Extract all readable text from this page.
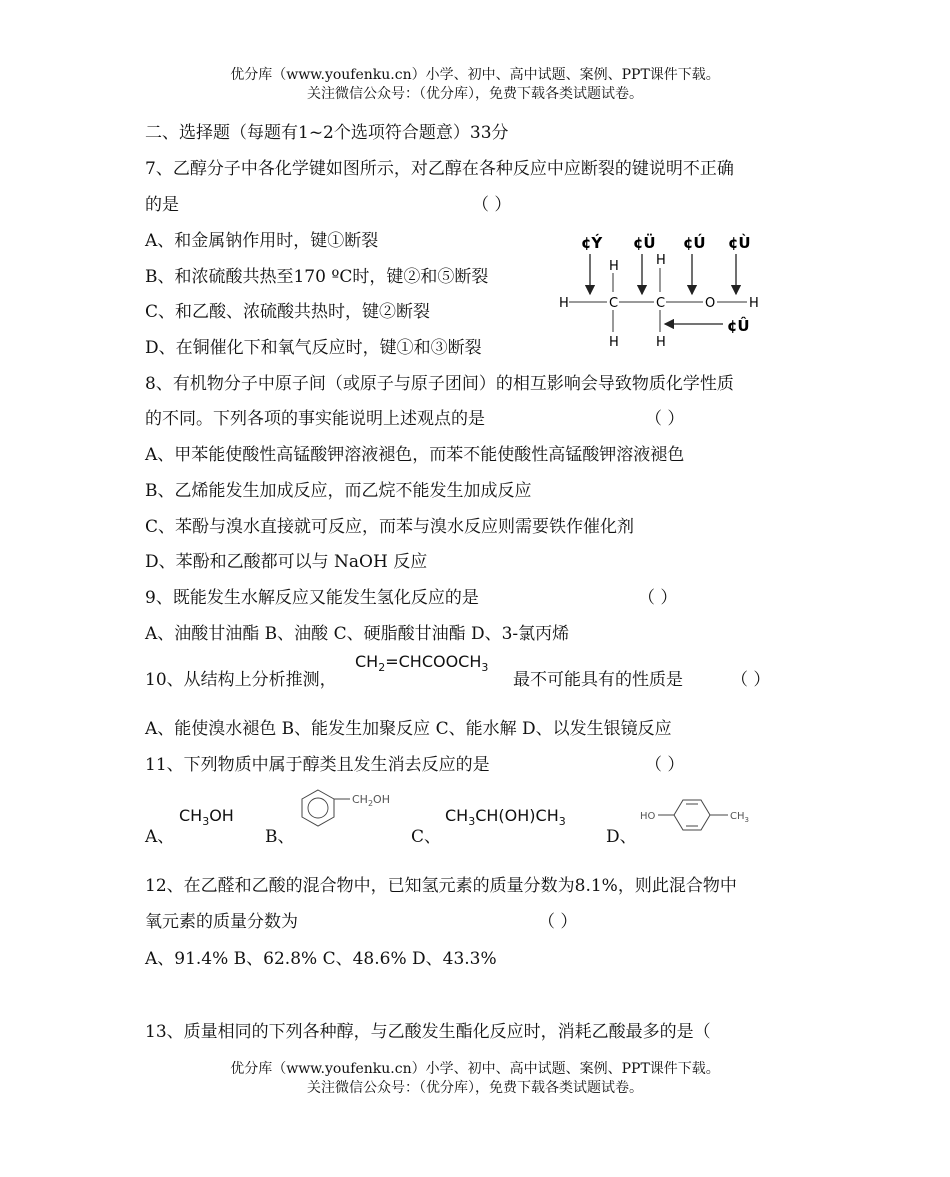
优分库（www.youfenku.cn）小学、初中、高中试题、案例、PPT课件下载。
关注微信公众号：（优分库），免费下载各类试题试卷。
二、选择题（每题有1~2个选项符合题意）33分
7、乙醇分子中各化学键如图所示，对乙醇在各种反应中应断裂的键说明不正确
的是	（ ）
A、和金属钠作用时，键①断裂
B、和浓硫酸共热至170 ºC时，键②和⑤断裂
C、和乙酸、浓硫酸共热时，键②断裂
D、在铜催化下和氧气反应时，键①和③断裂
¢Ý ¢Ü ¢Ú ¢Ù
¢Û
H	C	C	O	H
H
H
H
H
8、有机物分子中原子间（或原子与原子团间）的相互影响会导致物质化学性质
的不同。下列各项的事实能说明上述观点的是	（ ）
A、甲苯能使酸性高锰酸钾溶液褪色，而苯不能使酸性高锰酸钾溶液褪色
B、乙烯能发生加成反应，而乙烷不能发生加成反应
C、苯酚与溴水直接就可反应，而苯与溴水反应则需要铁作催化剂
D、苯酚和乙酸都可以与 NaOH 反应
9、既能发生水解反应又能发生氢化反应的是	（ ）
A、油酸甘油酯 B、油酸 C、硬脂酸甘油酯 D、3-氯丙烯
10、从结构上分析推测，
$CH_2=CHCOOCH_3$
最不可能具有的性质是	（ ）
A、能使溴水褪色 B、能发生加聚反应 C、能水解 D、以发生银镜反应
11、下列物质中属于醇类且发生消去反应的是	（ ）
A、
$CH_3OH$
B、
$CH_2OH$
C、
$CH_3CH(OH)CH_3$
D、
HO	$CH_3$
12、在乙醛和乙酸的混合物中，已知氢元素的质量分数为8.1%，则此混合物中
氧元素的质量分数为	（ ）
A、91.4% B、62.8% C、48.6% D、43.3%
13、质量相同的下列各种醇，与乙酸发生酯化反应时，消耗乙酸最多的是（
优分库（www.youfenku.cn）小学、初中、高中试题、案例、PPT课件下载。
关注微信公众号：（优分库），免费下载各类试题试卷。
